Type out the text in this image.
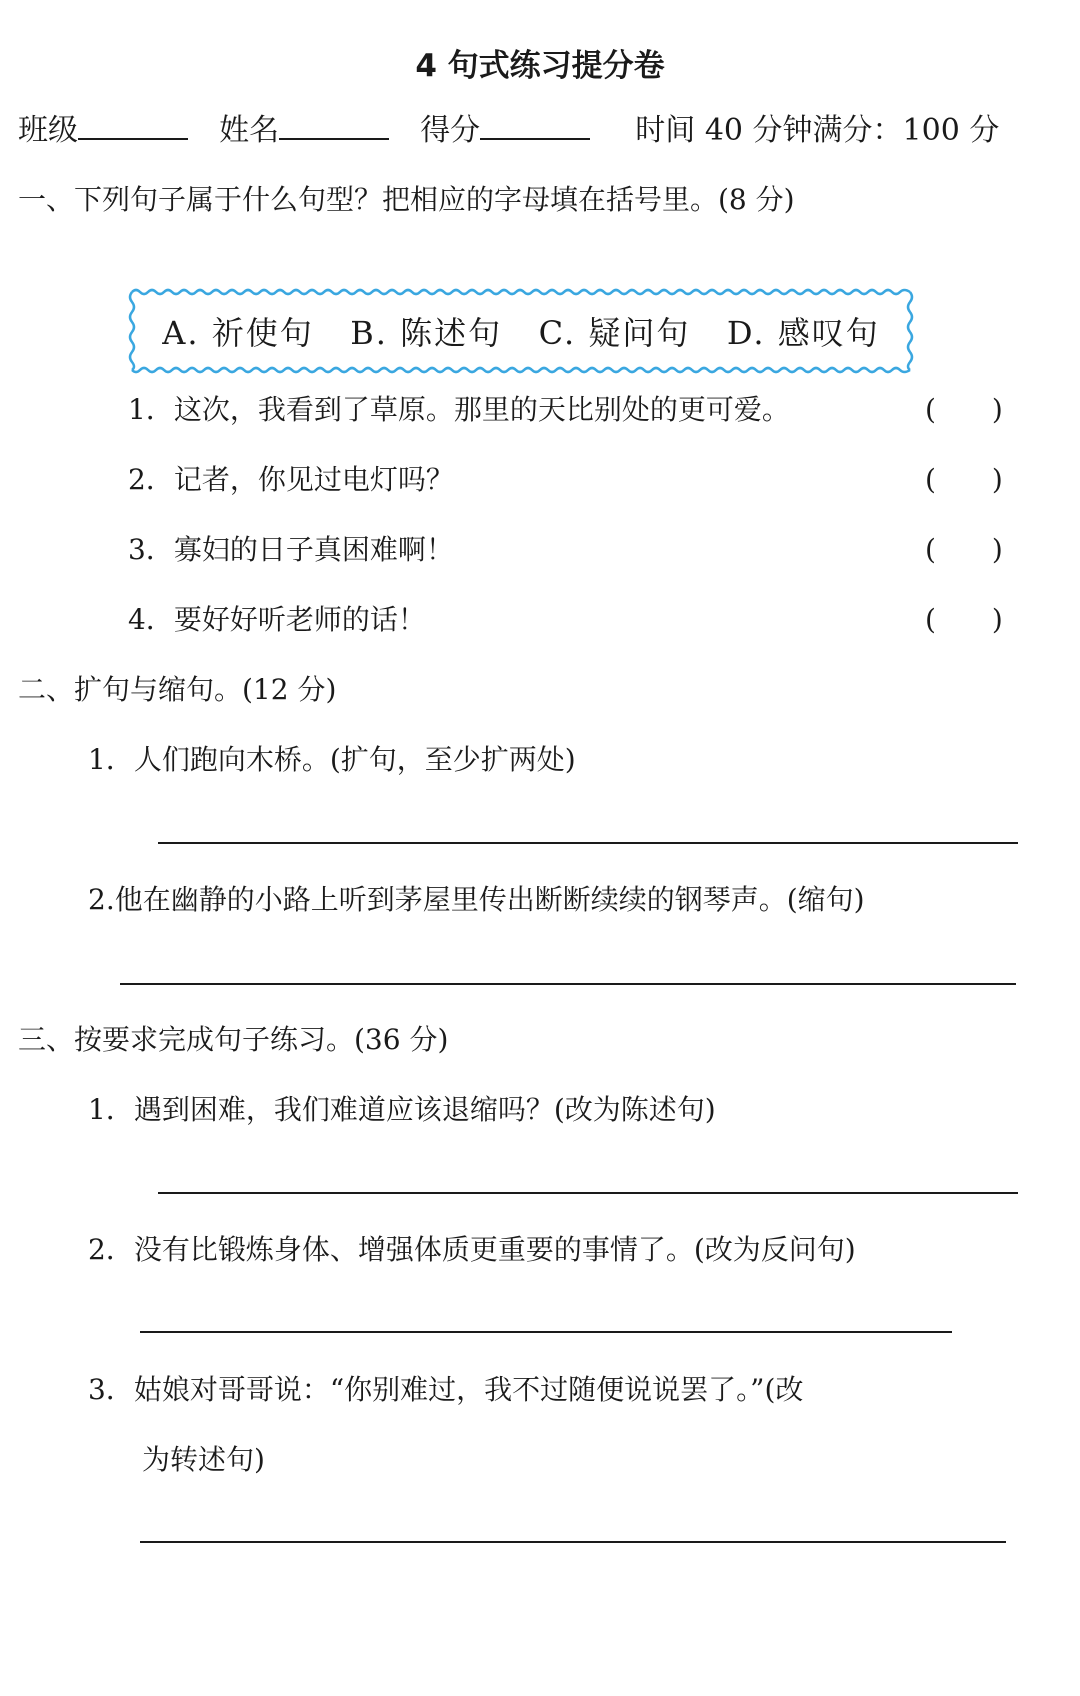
4 句式练习提分卷
班级	姓名	得分	时间 40 分钟满分：100 分
一、下列句子属于什么句型？把相应的字母填在括号里。(8 分)
A. 祈使句 B. 陈述句 C. 疑问句 D. 感叹句
1．这次，我看到了草原。那里的天比别处的更可爱。	(　　)
2．记者，你见过电灯吗？	(　　)
3．寡妇的日子真困难啊！	(　　)
4．要好好听老师的话！	(　　)
二、扩句与缩句。(12 分)
1．人们跑向木桥。(扩句，至少扩两处)
2.他在幽静的小路上听到茅屋里传出断断续续的钢琴声。(缩句)
三、按要求完成句子练习。(36 分)
1．遇到困难，我们难道应该退缩吗？(改为陈述句)
2．没有比锻炼身体、增强体质更重要的事情了。(改为反问句)
3．姑娘对哥哥说：“你别难过，我不过随便说说罢了。”(改
为转述句)
